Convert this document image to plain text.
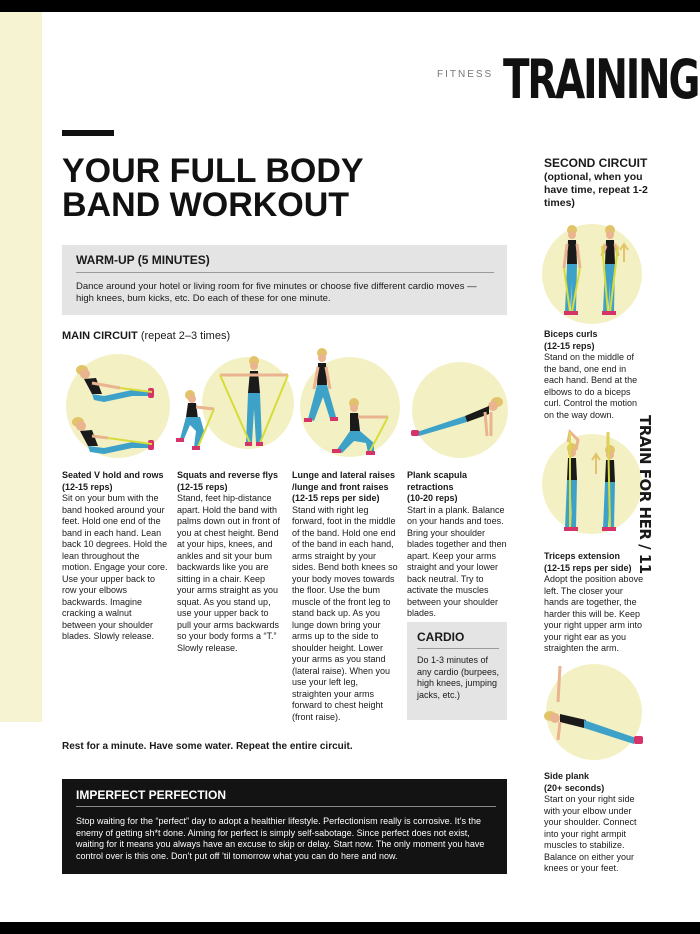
FITNESS TRAINING
YOUR FULL BODY BAND WORKOUT
WARM-UP (5 MINUTES)

Dance around your hotel or living room for five minutes or choose five different cardio moves — high knees, bum kicks, etc. Do each of these for one minute.

MAIN CIRCUIT (repeat 2–3 times)
Seated V hold and rows
(12-15 reps)
Sit on your bum with the band hooked around your feet. Hold one end of the band in each hand. Lean back 10 degrees. Hold the lean throughout the motion. Engage your core. Use your upper back to row your elbows backwards. Imagine cracking a walnut between your shoulder blades. Slowly release.
Squats and reverse flys
(12-15 reps)
Stand, feet hip-distance apart. Hold the band with palms down out in front of you at chest height. Bend at your hips, knees, and ankles and sit your bum backwards like you are sitting in a chair. Keep your arms straight as you squat. As you stand up, use your upper back to pull your arms backwards so your body forms a “T.” Slowly release.
Lunge and lateral raises /lunge and front raises
(12-15 reps per side)
Stand with right leg forward, foot in the middle of the band. Hold one end of the band in each hand, arms straight by your sides. Bend both knees so your body moves towards the floor. Use the bum muscle of the front leg to stand back up. As you lunge down bring your arms up to the side to shoulder height. Lower your arms as you stand (lateral raise). When you use your left leg, straighten your arms forward to chest height (front raise).
Plank scapula retractions
(10-20 reps)
Start in a plank. Balance on your hands and toes. Bring your shoulder blades together and then apart. Keep your arms straight and your lower back neutral. Try to activate the muscles between your shoulder blades.
CARDIO

Do 1-3 minutes of any cardio (burpees, high knees, jumping jacks, etc.)

Rest for a minute. Have some water. Repeat the entire circuit.
IMPERFECT PERFECTION

Stop waiting for the “perfect” day to adopt a healthier lifestyle. Perfectionism really is corrosive. It’s the enemy of getting sh*t done. Aiming for perfect is simply self-sabotage. Since perfect does not exist, waiting for it means you always have an excuse to skip or delay. Start now. The only moment you have control over is this one. Don’t put off ’til tomorrow what you can do here and now.

SECOND CIRCUIT
(optional, when you have time, repeat 1-2 times)
Biceps curls
(12-15 reps)
Stand on the middle of the band, one end in each hand. Bend at the elbows to do a biceps curl. Control the motion on the way down.
Triceps extension
(12-15 reps per side)
Adopt the position above left. The closer your hands are together, the harder this will be. Keep your right upper arm into your right ear as you straighten the arm.
Side plank
(20+ seconds)
Start on your right side with your elbow under your shoulder. Connect into your right armpit muscles to stabilize. Balance on either your knees or your feet.
TRAIN FOR HER / 11
